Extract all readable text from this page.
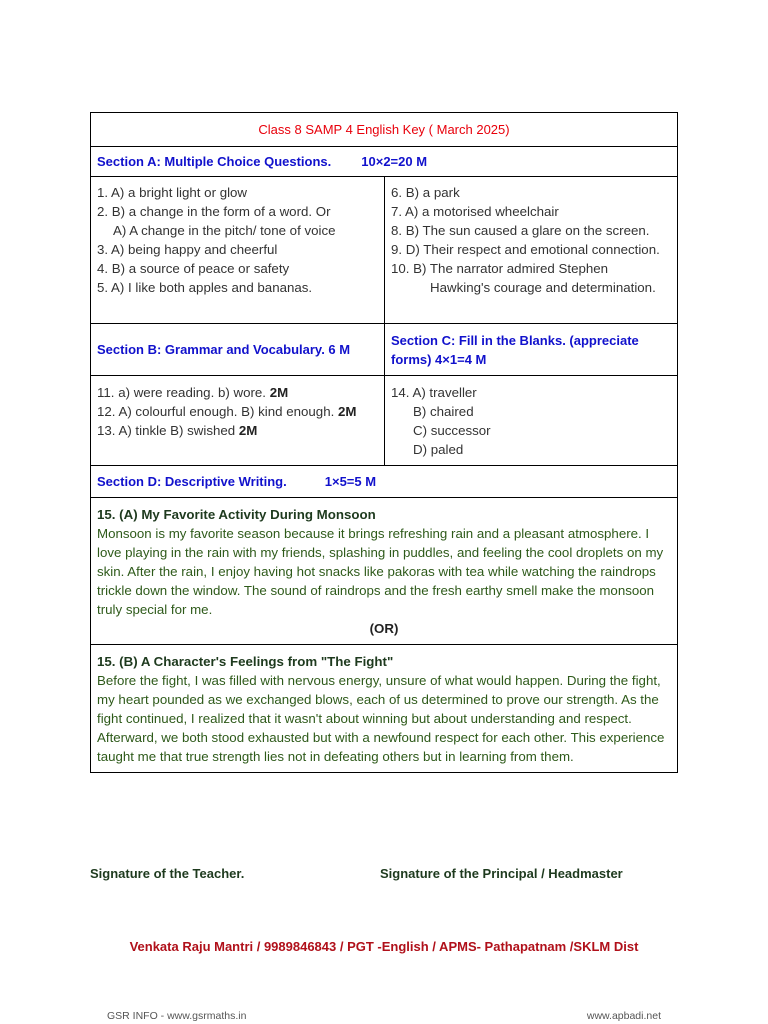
Class 8 SAMP 4 English Key ( March 2025)
Section A: Multiple Choice Questions. 10×2=20 M
1. A) a bright light or glow
2. B) a change in the form of a word. Or
A) A change in the pitch/ tone of voice
3. A) being happy and cheerful
4. B) a source of peace or safety
5. A) I like both apples and bananas.
6. B) a park
7. A) a motorised wheelchair
8. B) The sun caused a glare on the screen.
9. D) Their respect and emotional connection.
10. B) The narrator admired Stephen
Hawking's courage and determination.
Section B: Grammar and Vocabulary. 6 M
Section C: Fill in the Blanks. (appreciate forms) 4×1=4 M
11. a) were reading. b) wore. 2M
12. A) colourful enough. B) kind enough. 2M
13. A) tinkle B) swished 2M
14. A) traveller
B) chaired
C) successor
D) paled
Section D: Descriptive Writing.	1×5=5 M
15. (A) My Favorite Activity During Monsoon
Monsoon is my favorite season because it brings refreshing rain and a pleasant atmosphere. I love playing in the rain with my friends, splashing in puddles, and feeling the cool droplets on my skin. After the rain, I enjoy having hot snacks like pakoras with tea while watching the raindrops trickle down the window. The sound of raindrops and the fresh earthy smell make the monsoon truly special for me.
(OR)
15. (B) A Character's Feelings from "The Fight"
Before the fight, I was filled with nervous energy, unsure of what would happen. During the fight, my heart pounded as we exchanged blows, each of us determined to prove our strength. As the fight continued, I realized that it wasn't about winning but about understanding and respect. Afterward, we both stood exhausted but with a newfound respect for each other. This experience taught me that true strength lies not in defeating others but in learning from them.
Signature of the Teacher.	Signature of the Principal / Headmaster
Venkata Raju Mantri / 9989846843 / PGT -English / APMS- Pathapatnam /SKLM Dist
GSR INFO - www.gsrmaths.in	www.apbadi.net
